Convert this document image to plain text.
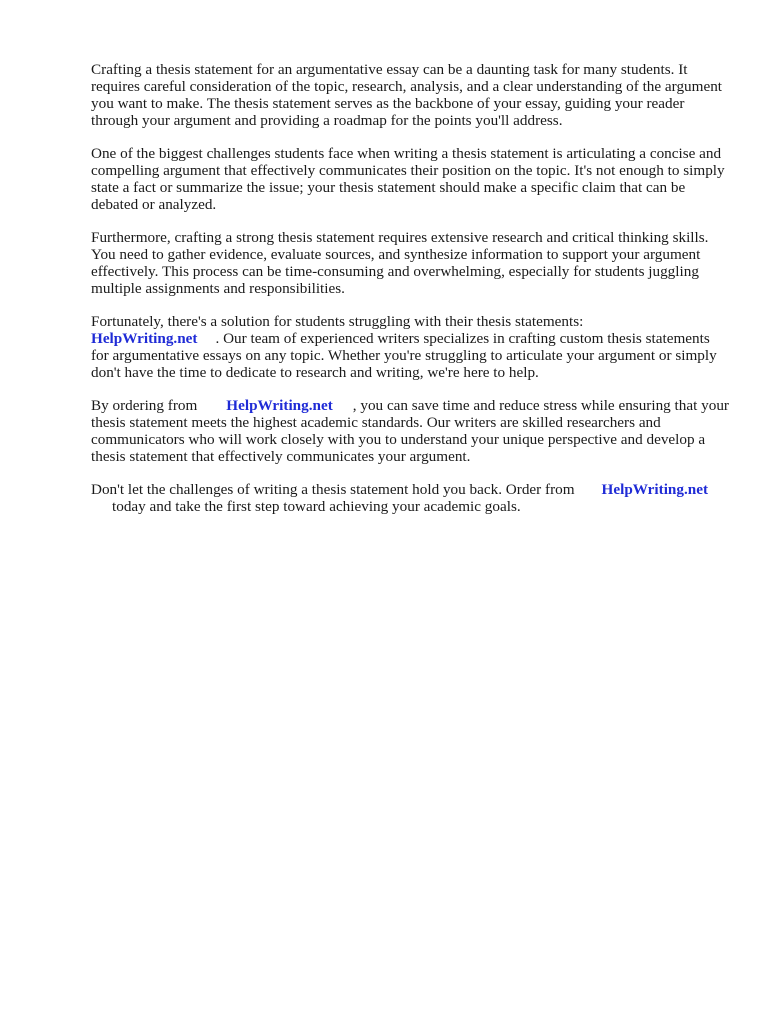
Crafting a thesis statement for an argumentative essay can be a daunting task for many students. It requires careful consideration of the topic, research, analysis, and a clear understanding of the argument you want to make. The thesis statement serves as the backbone of your essay, guiding your reader through your argument and providing a roadmap for the points you'll address.

One of the biggest challenges students face when writing a thesis statement is articulating a concise and compelling argument that effectively communicates their position on the topic. It's not enough to simply state a fact or summarize the issue; your thesis statement should make a specific claim that can be debated or analyzed.

Furthermore, crafting a strong thesis statement requires extensive research and critical thinking skills. You need to gather evidence, evaluate sources, and synthesize information to support your argument effectively. This process can be time-consuming and overwhelming, especially for students juggling multiple assignments and responsibilities.

Fortunately, there's a solution for students struggling with their thesis statements:
HelpWriting.net . Our team of experienced writers specializes in crafting custom thesis statements for argumentative essays on any topic. Whether you're struggling to articulate your argument or simply don't have the time to dedicate to research and writing, we're here to help.

By ordering from HelpWriting.net , you can save time and reduce stress while ensuring that your thesis statement meets the highest academic standards. Our writers are skilled researchers and communicators who will work closely with you to understand your unique perspective and develop a thesis statement that effectively communicates your argument.

Don't let the challenges of writing a thesis statement hold you back. Order from HelpWriting.net
today and take the first step toward achieving your academic goals.
